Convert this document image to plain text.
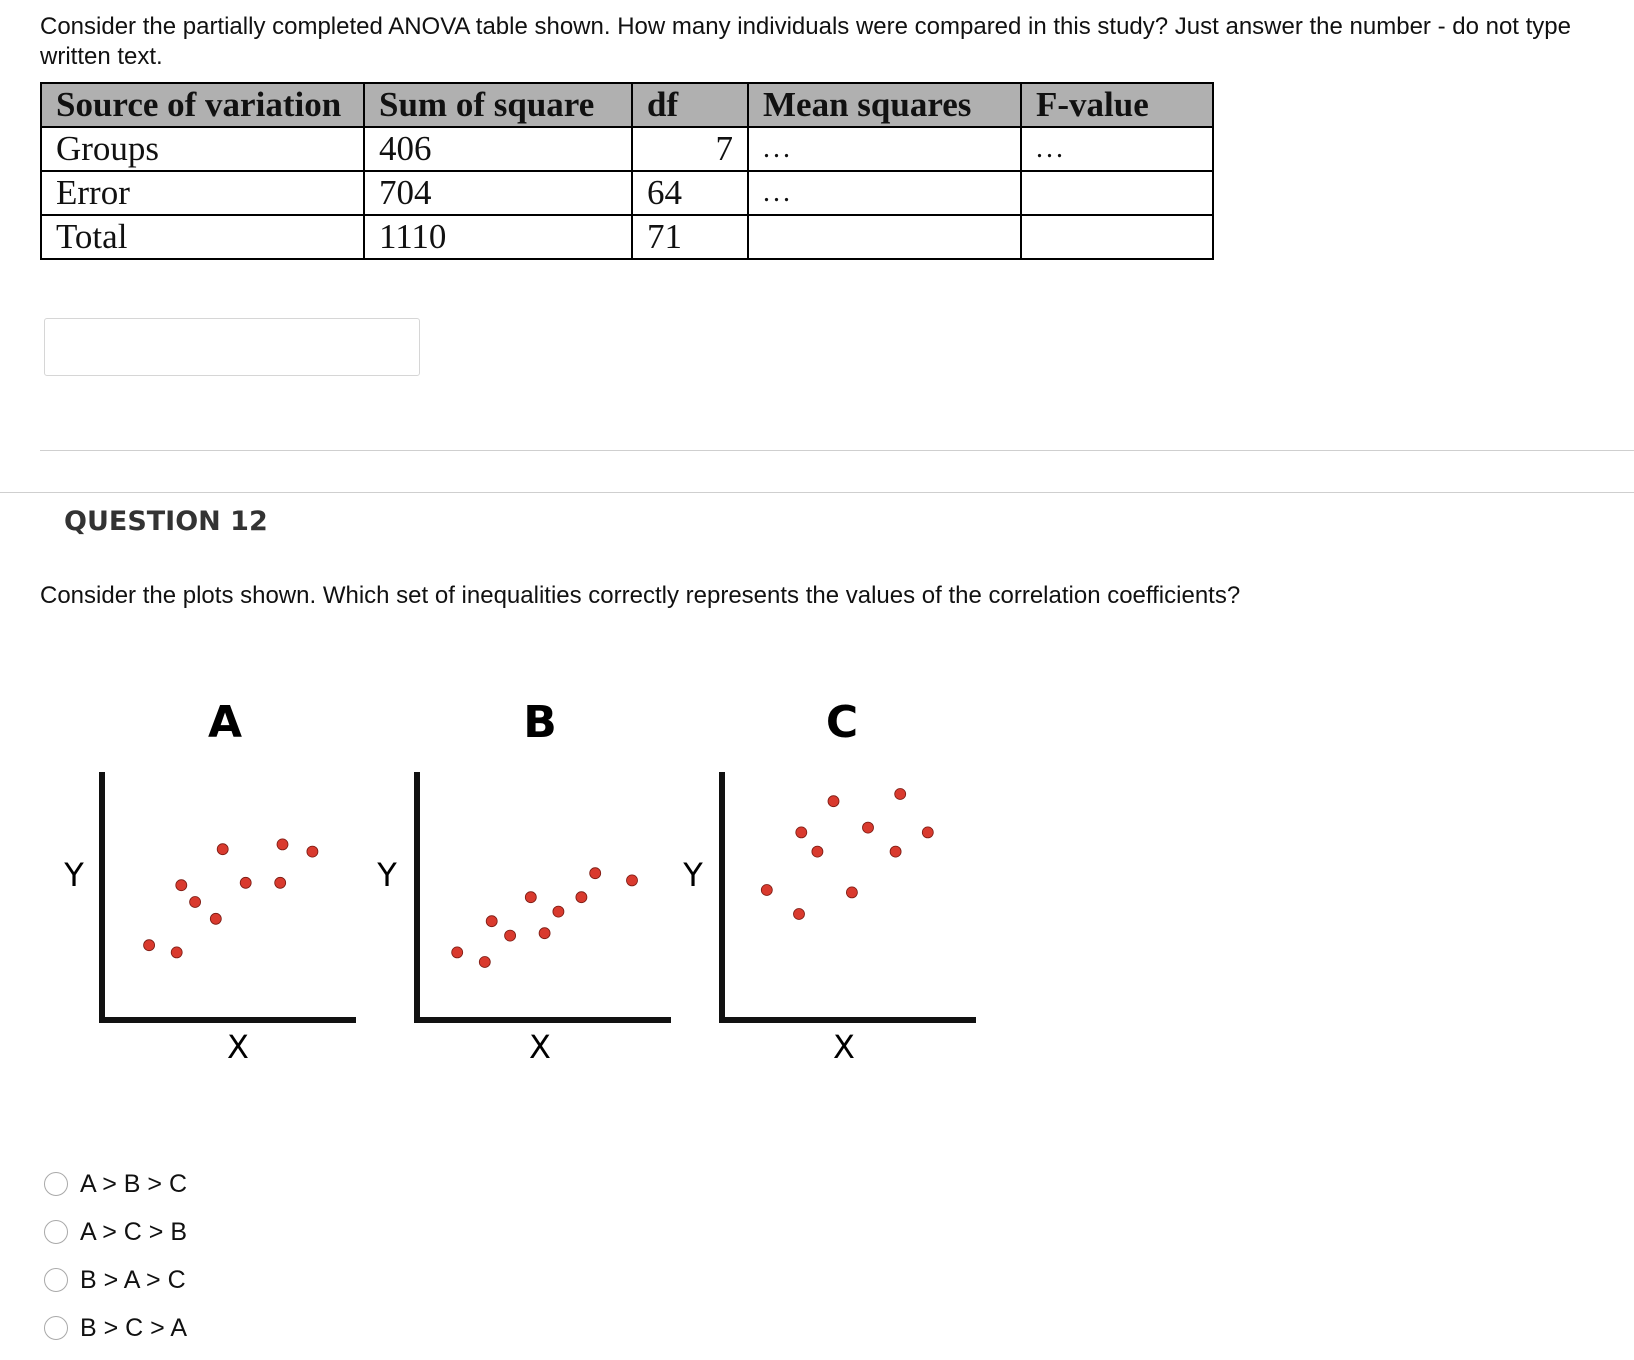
Consider the partially completed ANOVA table shown. How many individuals were compared in this study? Just answer the number - do not type written text.

Source of variation	Sum of square	df	Mean squares	F-value
Groups	406	7	...	...
Error	704	64	...	
Total	1110	71		
QUESTION 12

Consider the plots shown. Which set of inequalities correctly represents the values of the correlation coefficients?

A
Y
X
B
Y
X
C
Y
X
A > B > C
A > C > B
B > A > C
B > C > A
